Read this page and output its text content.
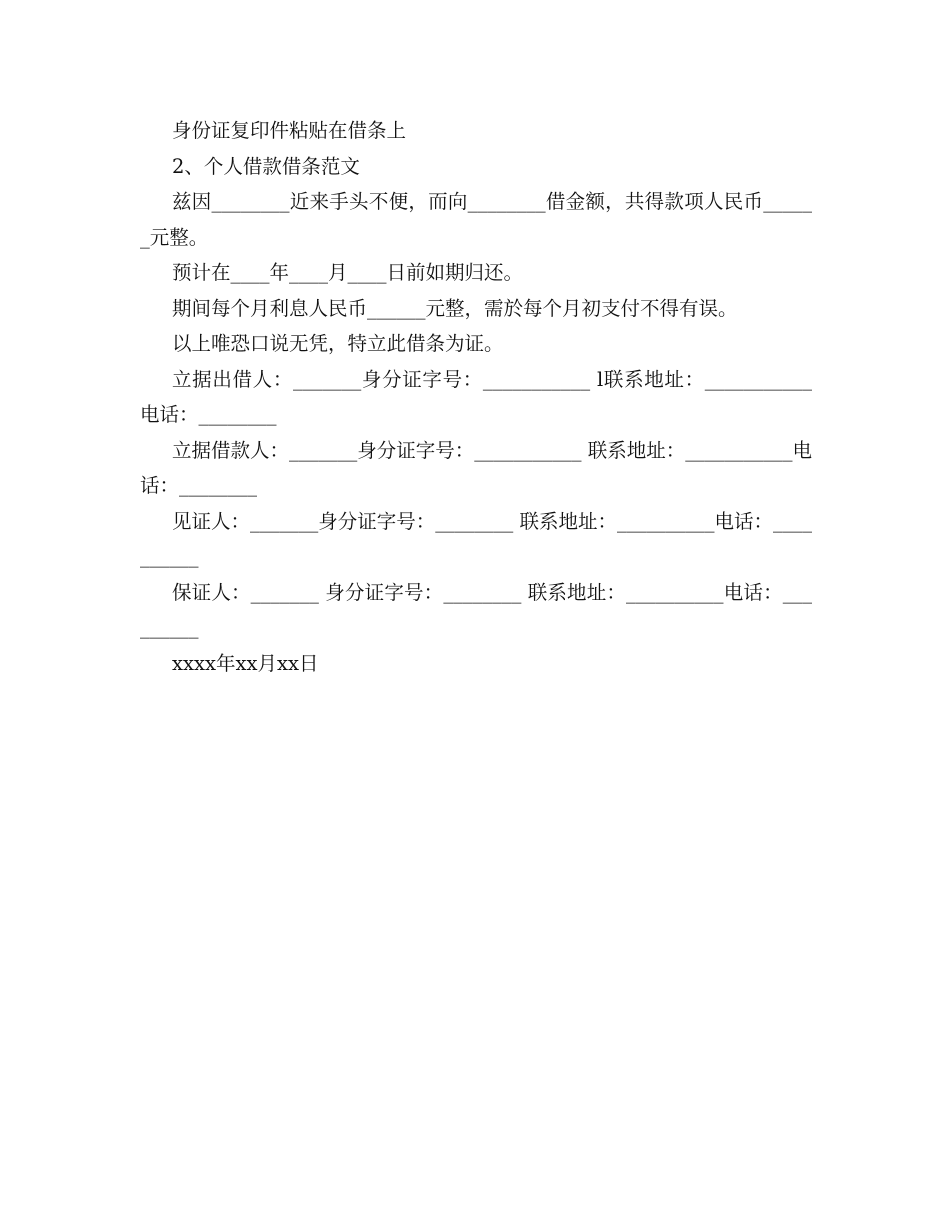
身份证复印件粘贴在借条上

2、个人借款借条范文

兹因________近来手头不便，而向________借金额，共得款项人民币______元整。

预计在____年____月____日前如期归还。

期间每个月利息人民币______元整，需於每个月初支付不得有误。

以上唯恐口说无凭，特立此借条为证。

立据出借人：_______身分证字号：___________ l联系地址：___________电话：________

立据借款人：_______身分证字号：___________ 联系地址：___________电话：________

见证人：_______身分证字号：________ 联系地址：__________电话：__________

保证人：_______ 身分证字号：________ 联系地址：__________电话：_________

xxxx年xx月xx日
